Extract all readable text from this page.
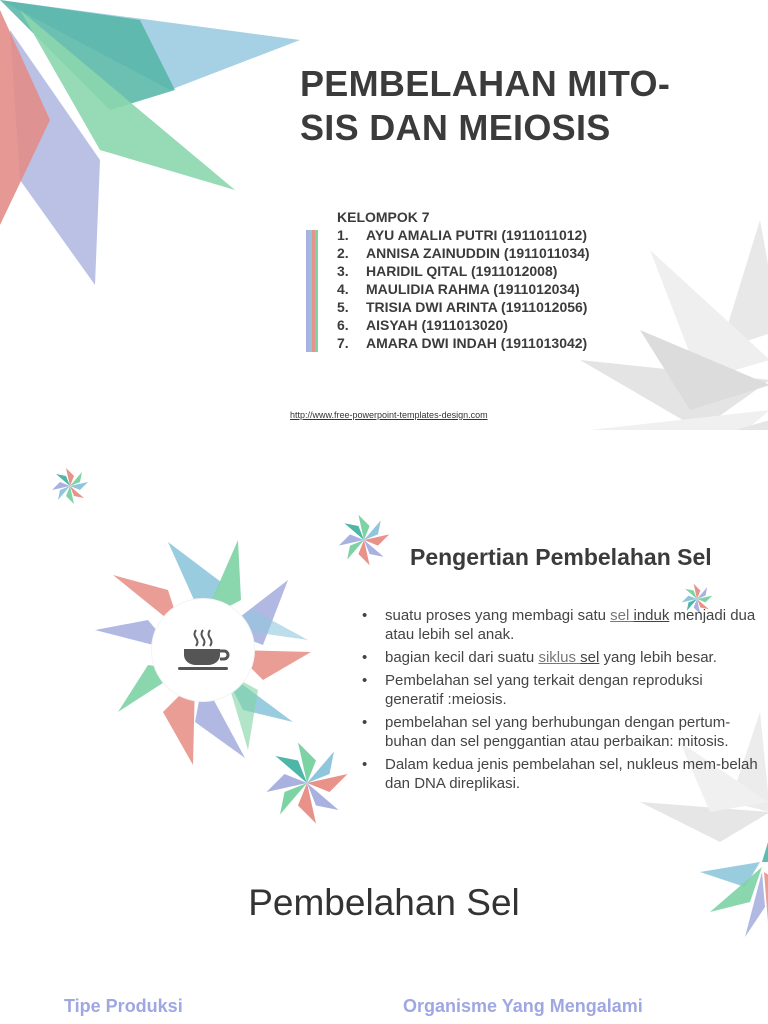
PEMBELAHAN MITO-
SIS DAN MEIOSIS
KELOMPOK 7
1.	AYU AMALIA PUTRI (1911011012)
2.	ANNISA ZAINUDDIN (1911011034)
3.	HARIDIL QITAL (1911012008)
4.	MAULIDIA RAHMA (1911012034)
5.	TRISIA DWI ARINTA (1911012056)
6.	AISYAH (1911013020)
7.	AMARA DWI INDAH (1911013042)
http://www.free-powerpoint-templates-design.com
Pengertian Pembelahan Sel
• suatu proses yang membagi satu sel induk menjadi dua atau lebih sel anak.
• bagian kecil dari suatu siklus sel yang lebih besar.
• Pembelahan sel yang terkait dengan reproduksi generatif :meiosis.
• pembelahan sel yang berhubungan dengan pertum-buhan dan sel penggantian atau perbaikan: mitosis.
• Dalam kedua jenis pembelahan sel, nukleus mem-belah dan DNA direplikasi.
Pembelahan Sel
Tipe Produksi	Organisme Yang Mengalami
